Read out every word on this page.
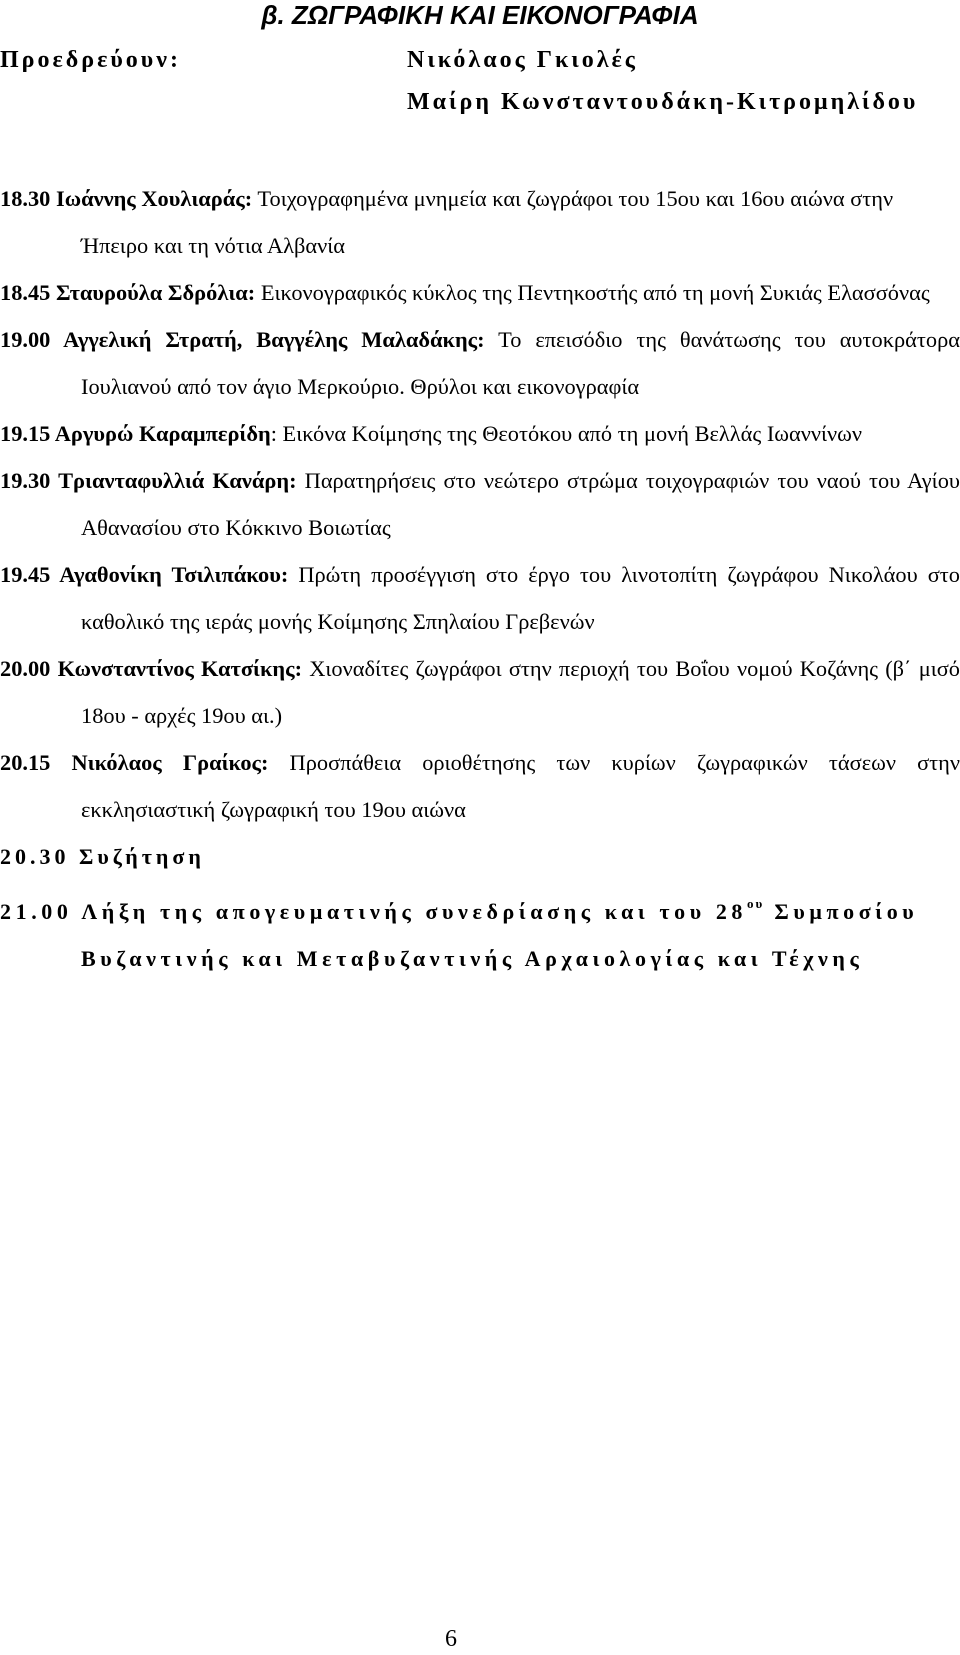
β. ΖΩΓΡΑΦΙΚΗ ΚΑΙ ΕΙΚΟΝΟΓΡΑΦΙΑ
Προεδρεύουν:	Νικόλαος Γκιολές
Μαίρη Κωνσταντουδάκη-Κιτρομηλίδου

18.30 Ιωάννης Χουλιαράς: Τοιχογραφημένα μνημεία και ζωγράφοι του 15ου και 16ου αιώνα στην Ήπειρο και τη νότια Αλβανία

18.45 Σταυρούλα Σδρόλια: Εικονογραφικός κύκλος της Πεντηκοστής από τη μονή Συκιάς Ελασσόνας

19.00 Αγγελική Στρατή, Βαγγέλης Μαλαδάκης: Το επεισόδιο της θανάτωσης του αυτοκράτορα Ιουλιανού από τον άγιο Μερκούριο. Θρύλοι και εικονογραφία

19.15 Αργυρώ Καραμπερίδη: Εικόνα Κοίμησης της Θεοτόκου από τη μονή Βελλάς Ιωαννίνων

19.30 Τριανταφυλλιά Κανάρη: Παρατηρήσεις στο νεώτερο στρώμα τοιχογραφιών του ναού του Αγίου Αθανασίου στο Κόκκινο Βοιωτίας

19.45 Αγαθονίκη Τσιλιπάκου: Πρώτη προσέγγιση στο έργο του λινοτοπίτη ζωγράφου Νικολάου στο καθολικό της ιεράς μονής Κοίμησης Σπηλαίου Γρεβενών

20.00 Κωνσταντίνος Κατσίκης: Χιοναδίτες ζωγράφοι στην περιοχή του Βοΐου νομού Κοζάνης (β΄ μισό 18ου - αρχές 19ου αι.)

20.15 Νικόλαος Γραίκος: Προσπάθεια οριοθέτησης των κυρίων ζωγραφικών τάσεων στην εκκλησιαστική ζωγραφική του 19ου αιώνα

20.30 Συζήτηση

21.00 Λήξη της απογευματινής συνεδρίασης και του $28^{o\upsilon}$ Συμποσίου Βυζαντινής και Μεταβυζαντινής Αρχαιολογίας και Τέχνης

6
